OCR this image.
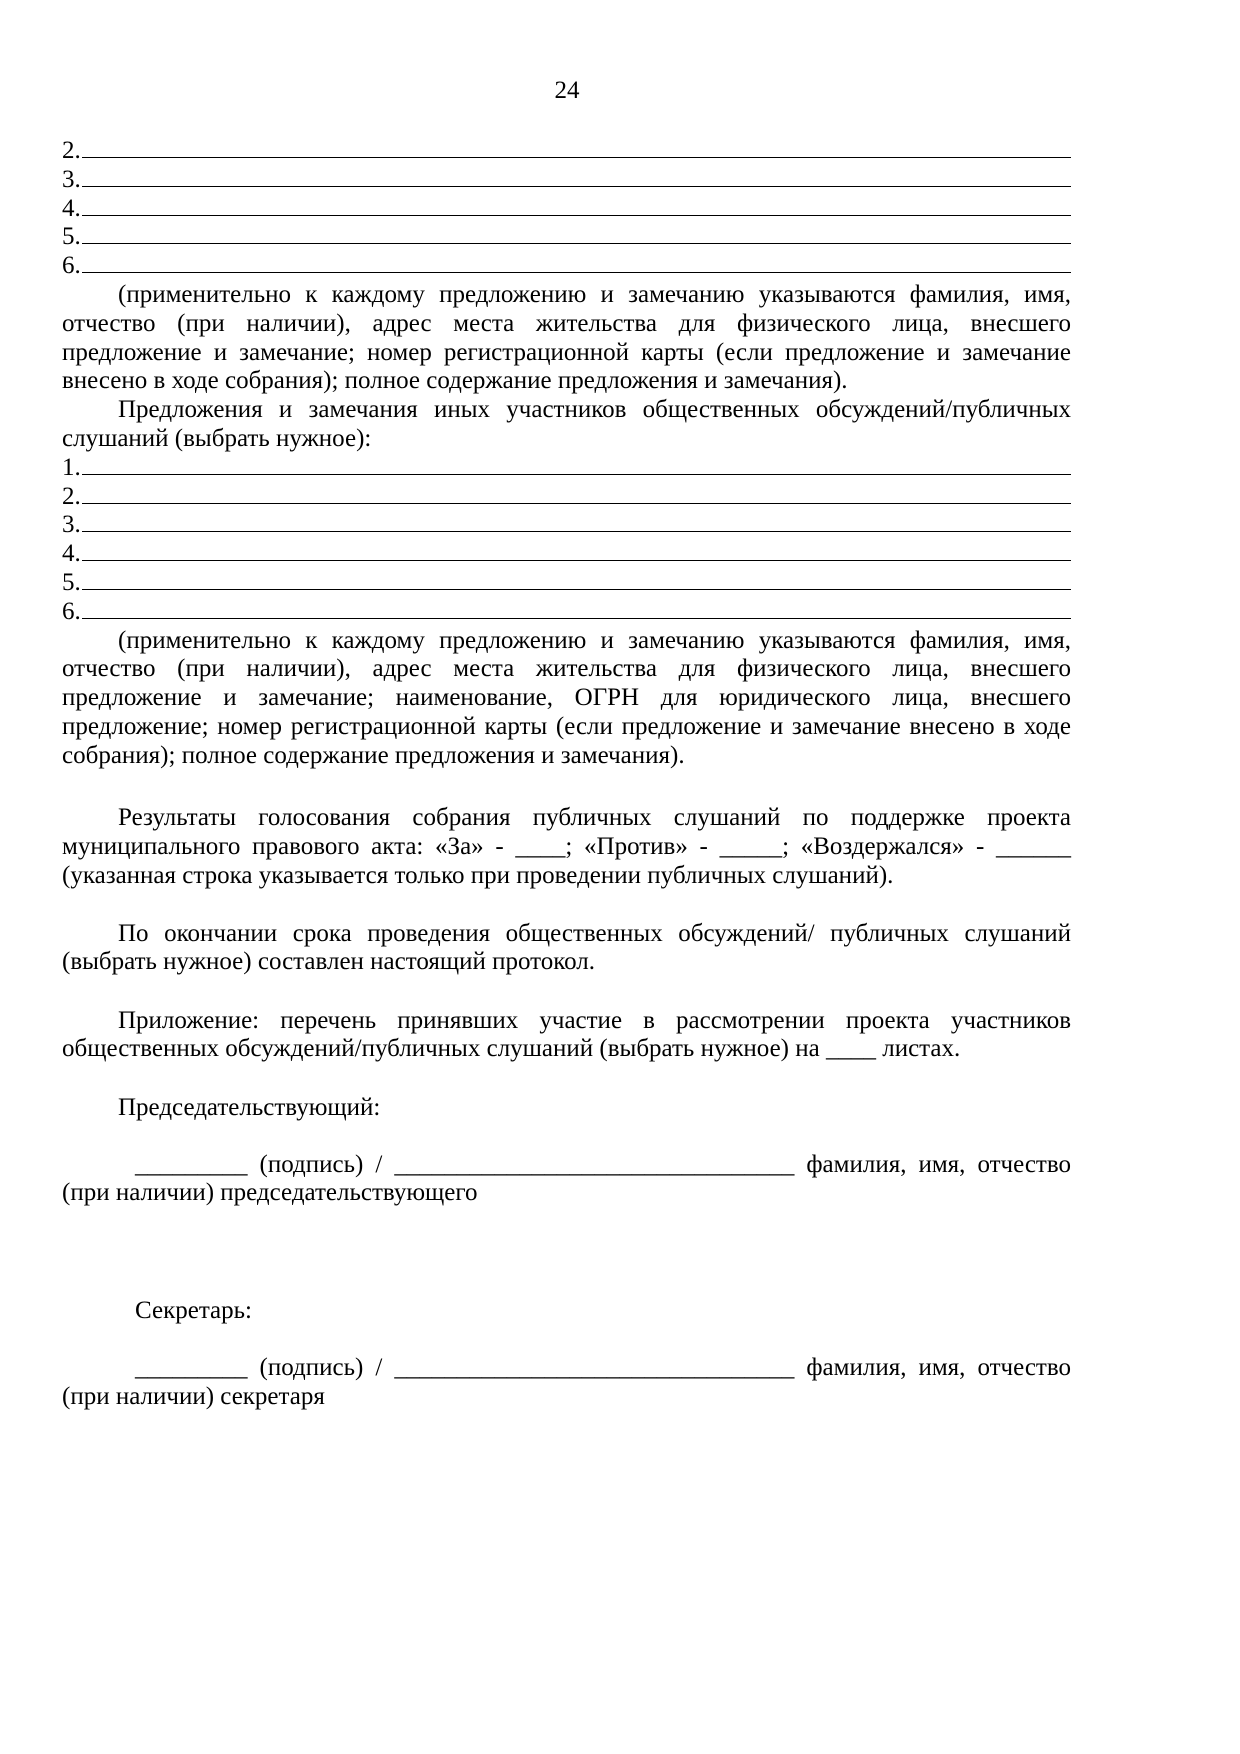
24
2.
3.
4.
5.
6.
(применительно к каждому предложению и замечанию указываются фамилия, имя,
отчество (при наличии), адрес места жительства для физического лица, внесшего
предложение и замечание; номер регистрационной карты (если предложение и замечание
внесено в ходе собрания); полное содержание предложения и замечания).
Предложения и замечания иных участников общественных обсуждений/публичных
слушаний (выбрать нужное):
1.
2.
3.
4.
5.
6.
(применительно к каждому предложению и замечанию указываются фамилия, имя,
отчество (при наличии), адрес места жительства для физического лица, внесшего
предложение и замечание; наименование, ОГРН для юридического лица, внесшего
предложение; номер регистрационной карты (если предложение и замечание внесено в ходе
собрания); полное содержание предложения и замечания).
Результаты голосования собрания публичных слушаний по поддержке проекта
муниципального правового акта: «За» - ____; «Против» - _____; «Воздержался» - ______
(указанная строка указывается только при проведении публичных слушаний).
По окончании срока проведения общественных обсуждений/ публичных слушаний
(выбрать нужное) составлен настоящий протокол.
Приложение: перечень принявших участие в рассмотрении проекта участников
общественных обсуждений/публичных слушаний (выбрать нужное) на ____ листах.
Председательствующий:
_________ (подпись) / ________________________________ фамилия, имя, отчество
(при наличии) председательствующего
Секретарь:
_________ (подпись) / ________________________________ фамилия, имя, отчество
(при наличии) секретаря
